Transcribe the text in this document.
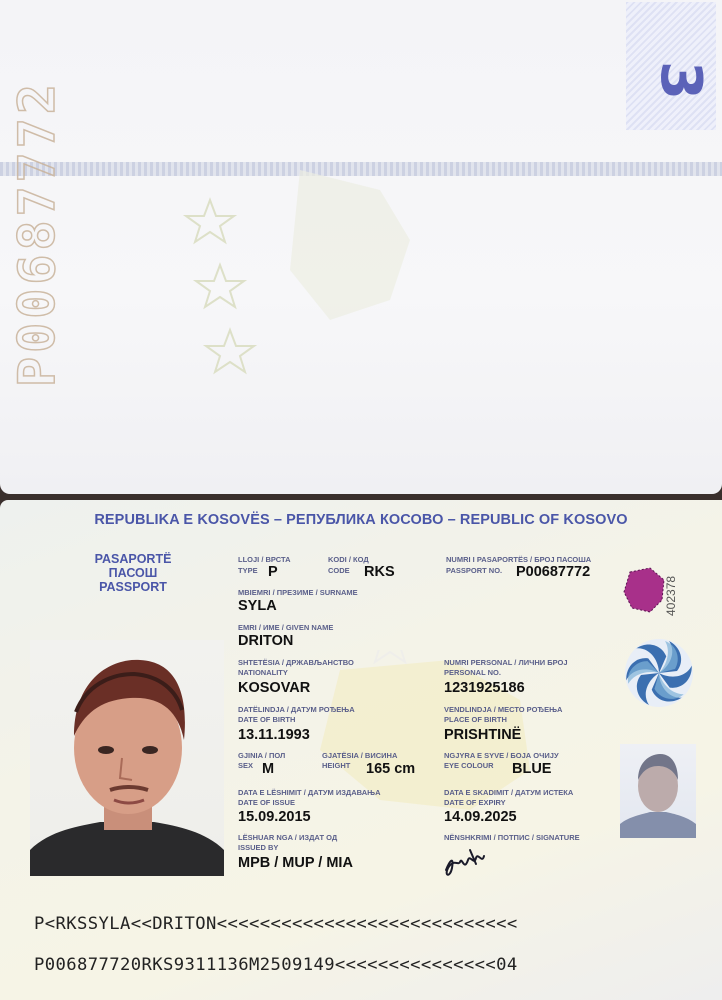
3
P00687772
REPUBLIKA E KOSOVËS – РЕПУБЛИКА КОСОВО – REPUBLIC OF KOSOVO
PASAPORTË
ПАСОШ
PASSPORT
LLOJI / ВРСТА
TYPE P
KODI / КОД
CODE RKS
NUMRI I PASAPORTËS / БРОЈ ПАСОША
PASSPORT NO. P00687772
MBIEMRI / ПРЕЗИМЕ / SURNAME
SYLA
EMRI / ИМЕ / GIVEN NAME
DRITON
SHTETËSIA / ДРЖАВЉАНСТВО
NATIONALITY
KOSOVAR
NUMRI PERSONAL / ЛИЧНИ БРОЈ
PERSONAL NO.
1231925186
DATËLINDJA / ДАТУМ РОЂЕЊА
DATE OF BIRTH
13.11.1993
VENDLINDJA / МЕСТО РОЂЕЊА
PLACE OF BIRTH
PRISHTINË
GJINIA / ПОЛ
SEX M
GJATËSIA / ВИСИНА
HEIGHT 165 cm
NGJYRA E SYVE / БОЈА ОЧИЈУ
EYE COLOUR BLUE
DATA E LËSHIMIT / ДАТУМ ИЗДАВАЊА
DATE OF ISSUE
15.09.2015
DATA E SKADIMIT / ДАТУМ ИСТЕКА
DATE OF EXPIRY
14.09.2025
LËSHUAR NGA / ИЗДАТ ОД
ISSUED BY
MPB / MUP / MIA
NËNSHKRIMI / ПОТПИС / SIGNATURE
402378
P<RKSSYLA<<DRITON<<<<<<<<<<<<<<<<<<<<<<<<<<<<
P006877720RKS9311136M2509149<<<<<<<<<<<<<<<04
